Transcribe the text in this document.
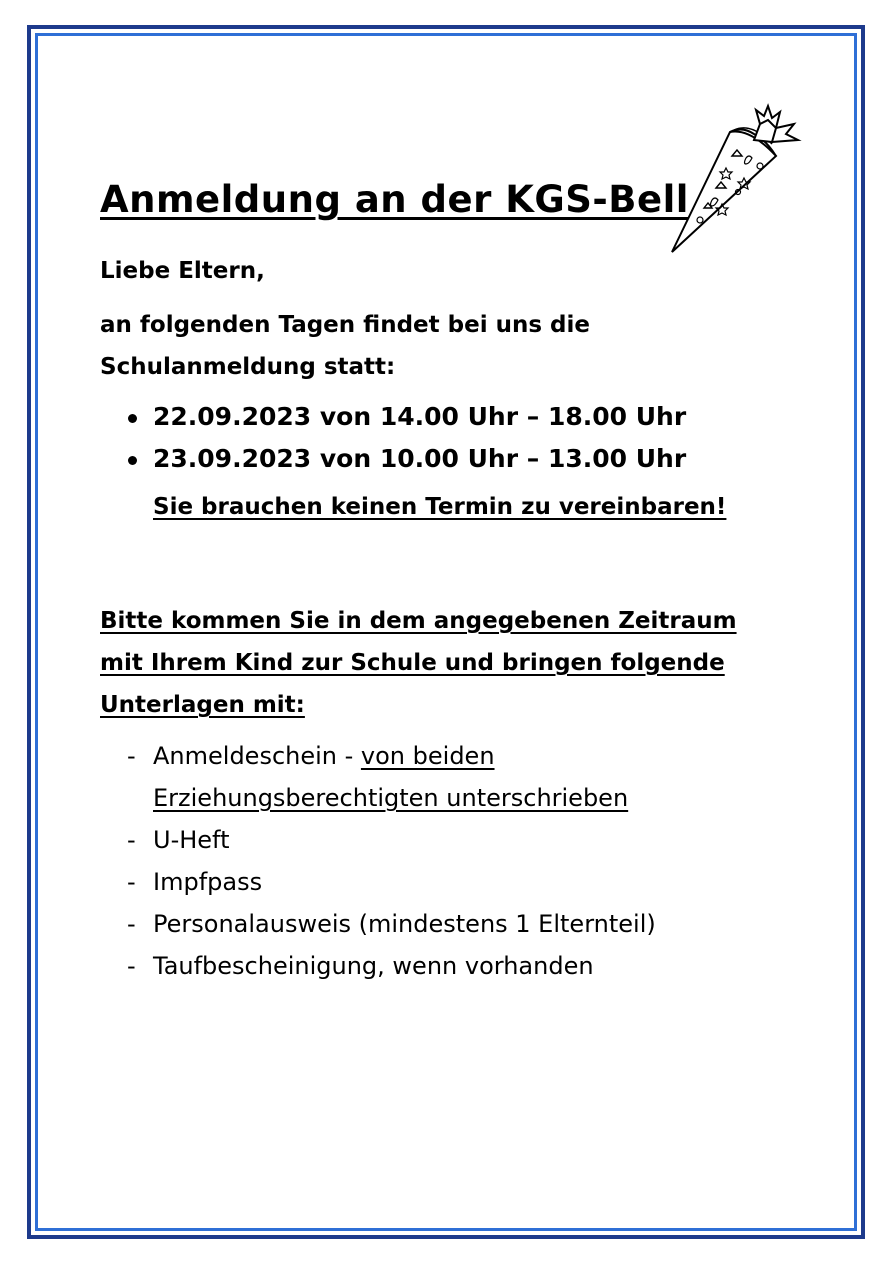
Anmeldung an der KGS-Bell

Liebe Eltern,

an folgenden Tagen findet bei uns die

Schulanmeldung statt:

22.09.2023 von 14.00 Uhr – 18.00 Uhr
23.09.2023 von 10.00 Uhr – 13.00 Uhr

Sie brauchen keinen Termin zu vereinbaren!

Bitte kommen Sie in dem angegebenen Zeitraum
mit Ihrem Kind zur Schule und bringen folgende
Unterlagen mit:

- Anmeldeschein - von beiden
Erziehungsberechtigten unterschrieben
- U-Heft
- Impfpass
- Personalausweis (mindestens 1 Elternteil)
- Taufbescheinigung, wenn vorhanden
